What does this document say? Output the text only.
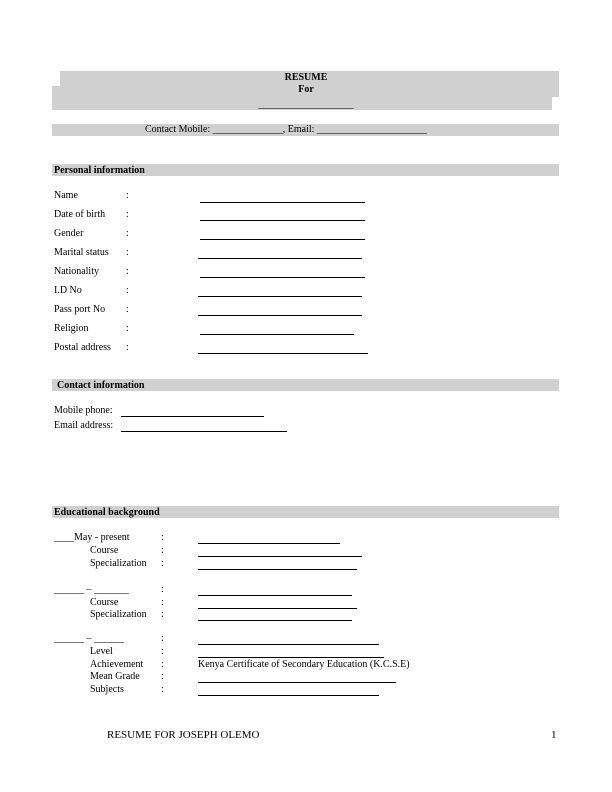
RESUME
For
___________________
Contact Mobile: ______________, Email: ______________________
Personal information
Name	:
Date of birth :
Gender	:
Marital status :
Nationality	:
I.D No	:
Pass port No :
Religion	:
Postal address :
Contact information
Mobile phone:
Email address:
Educational background
____May - present	:
Course	:
Specialization :
______ – _______	:
Course	:
Specialization :
______ – ______	:
Level	:
Achievement :	Kenya Certificate of Secondary Education (K.C.S.E)
Mean Grade :
Subjects	:
RESUME FOR JOSEPH OLEMO	1
